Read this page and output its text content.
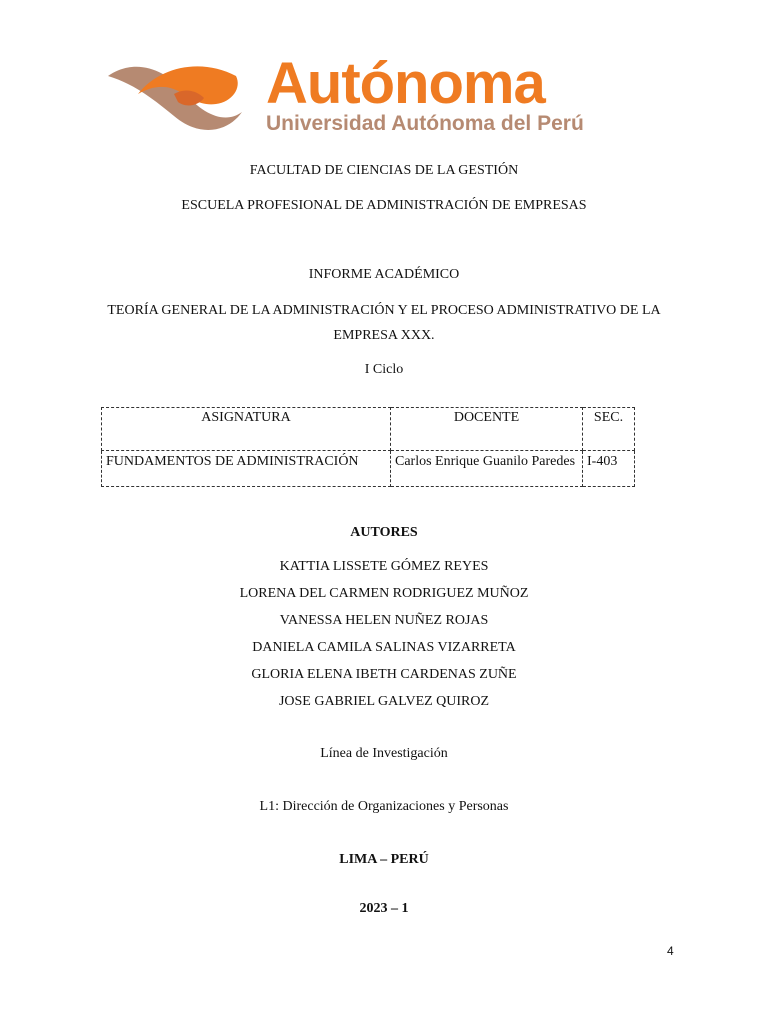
Autónoma
Universidad Autónoma del Perú
FACULTAD DE CIENCIAS DE LA GESTIÓN
ESCUELA PROFESIONAL DE ADMINISTRACIÓN DE EMPRESAS
INFORME ACADÉMICO
TEORÍA GENERAL DE LA ADMINISTRACIÓN Y EL PROCESO ADMINISTRATIVO DE LA
EMPRESA XXX.
I Ciclo
ASIGNATURA	DOCENTE	SEC.
FUNDAMENTOS DE ADMINISTRACIÓN	Carlos Enrique Guanilo Paredes	I-403
AUTORES
KATTIA LISSETE GÓMEZ REYES
LORENA DEL CARMEN RODRIGUEZ MUÑOZ
VANESSA HELEN NUÑEZ ROJAS
DANIELA CAMILA SALINAS VIZARRETA
GLORIA ELENA IBETH CARDENAS ZUÑE
JOSE GABRIEL GALVEZ QUIROZ
Línea de Investigación
L1: Dirección de Organizaciones y Personas
LIMA – PERÚ
2023 – 1
4
